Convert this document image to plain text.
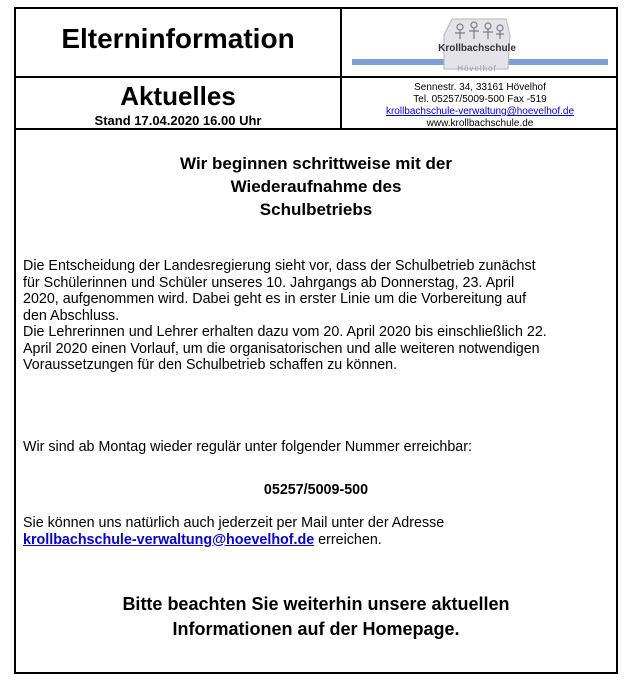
Elterninformation	Krollbachschule
Hövelhof
Aktuelles
Stand 17.04.2020 16.00 Uhr
Sennestr. 34, 33161 Hövelhof
Tel. 05257/5009-500 Fax -519
krollbachschule-verwaltung@hoevelhof.de
www.krollbachschule.de
Wir beginnen schrittweise mit der
Wiederaufnahme des
Schulbetriebs
Die Entscheidung der Landesregierung sieht vor, dass der Schulbetrieb zunächst
für Schülerinnen und Schüler unseres 10. Jahrgangs ab Donnerstag, 23. April
2020, aufgenommen wird. Dabei geht es in erster Linie um die Vorbereitung auf
den Abschluss.
Die Lehrerinnen und Lehrer erhalten dazu vom 20. April 2020 bis einschließlich 22.
April 2020 einen Vorlauf, um die organisatorischen und alle weiteren notwendigen
Voraussetzungen für den Schulbetrieb schaffen zu können.
Wir sind ab Montag wieder regulär unter folgender Nummer erreichbar:
05257/5009-500
Sie können uns natürlich auch jederzeit per Mail unter der Adresse
krollbachschule-verwaltung@hoevelhof.de erreichen.
Bitte beachten Sie weiterhin unsere aktuellen
Informationen auf der Homepage.
